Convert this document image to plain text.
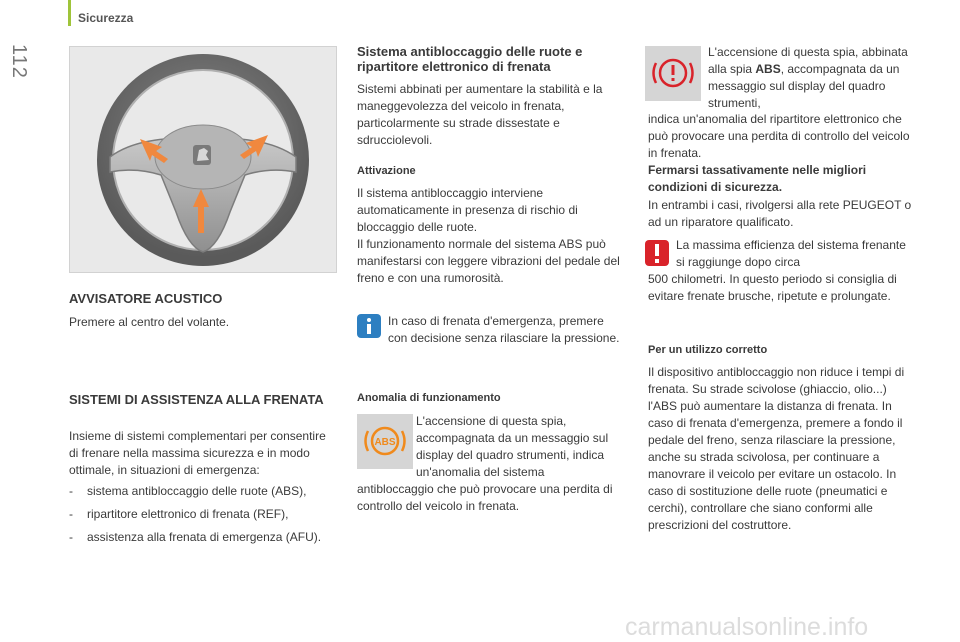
Sicurezza
112
AVVISATORE ACUSTICO

Premere al centro del volante.

SISTEMI DI ASSISTENZA ALLA FRENATA

Insieme di sistemi complementari per consentire di frenare nella massima sicurezza e in modo ottimale, in situazioni di emergenza:

- sistema antibloccaggio delle ruote (ABS),
- ripartitore elettronico di frenata (REF),
- assistenza alla frenata di emergenza (AFU).
Sistema antibloccaggio delle ruote e ripartitore elettronico di frenata

Sistemi abbinati per aumentare la stabilità e la maneggevolezza del veicolo in frenata, particolarmente su strade dissestate e sdrucciolevoli.

Attivazione

Il sistema antibloccaggio interviene automaticamente in presenza di rischio di bloccaggio delle ruote.

Il funzionamento normale del sistema ABS può manifestarsi con leggere vibrazioni del pedale del freno e con una rumorosità.

In caso di frenata d'emergenza, premere con decisione senza rilasciare la pressione.

Anomalia di funzionamento
ABS

L'accensione di questa spia, accompagnata da un messaggio sul display del quadro strumenti, indica un'anomalia del sistema

antibloccaggio che può provocare una perdita di controllo del veicolo in frenata.

L'accensione di questa spia, abbinata alla spia ABS, accompagnata da un messaggio sul display del quadro strumenti,

indica un'anomalia del ripartitore elettronico che può provocare una perdita di controllo del veicolo in frenata.

Fermarsi tassativamente nelle migliori condizioni di sicurezza.

In entrambi i casi, rivolgersi alla rete PEUGEOT o ad un riparatore qualificato.

La massima efficienza del sistema frenante si raggiunge dopo circa

500 chilometri. In questo periodo si consiglia di evitare frenate brusche, ripetute e prolungate.

Per un utilizzo corretto

Il dispositivo antibloccaggio non riduce i tempi di frenata. Su strade scivolose (ghiaccio, olio...) l'ABS può aumentare la distanza di frenata. In caso di frenata d'emergenza, premere a fondo il pedale del freno, senza rilasciare la pressione, anche su strada scivolosa, per continuare a manovrare il veicolo per evitare un ostacolo. In caso di sostituzione delle ruote (pneumatici e cerchi), controllare che siano conformi alle prescrizioni del costruttore.

carmanualsonline.info
